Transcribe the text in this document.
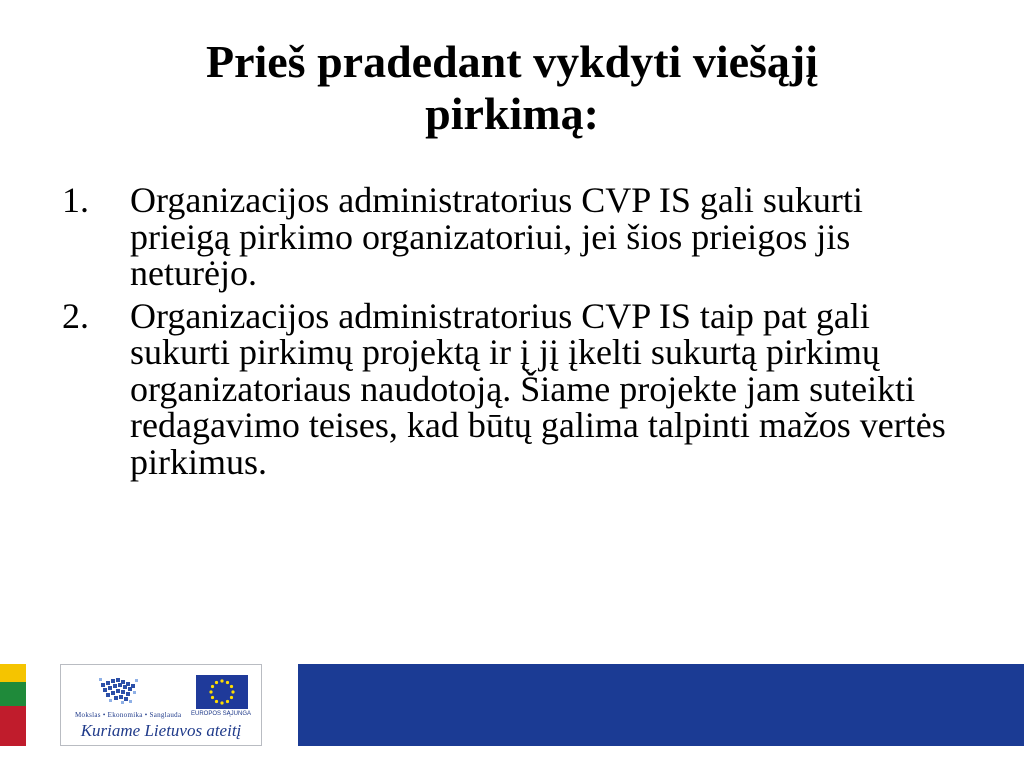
Prieš pradedant vykdyti viešąjį
pirkimą:
1. Organizacijos administratorius CVP IS gali sukurti prieigą pirkimo organizatoriui, jei šios prieigos jis neturėjo.
2. Organizacijos administratorius CVP IS taip pat gali sukurti pirkimų projektą ir į jį įkelti sukurtą pirkimų organizatoriaus naudotoją. Šiame projekte jam suteikti redagavimo teises, kad būtų galima talpinti mažos vertės pirkimus.
Mokslas • Ekonomika • Sanglauda EUROPOS SĄJUNGA
Kuriame Lietuvos ateitį
